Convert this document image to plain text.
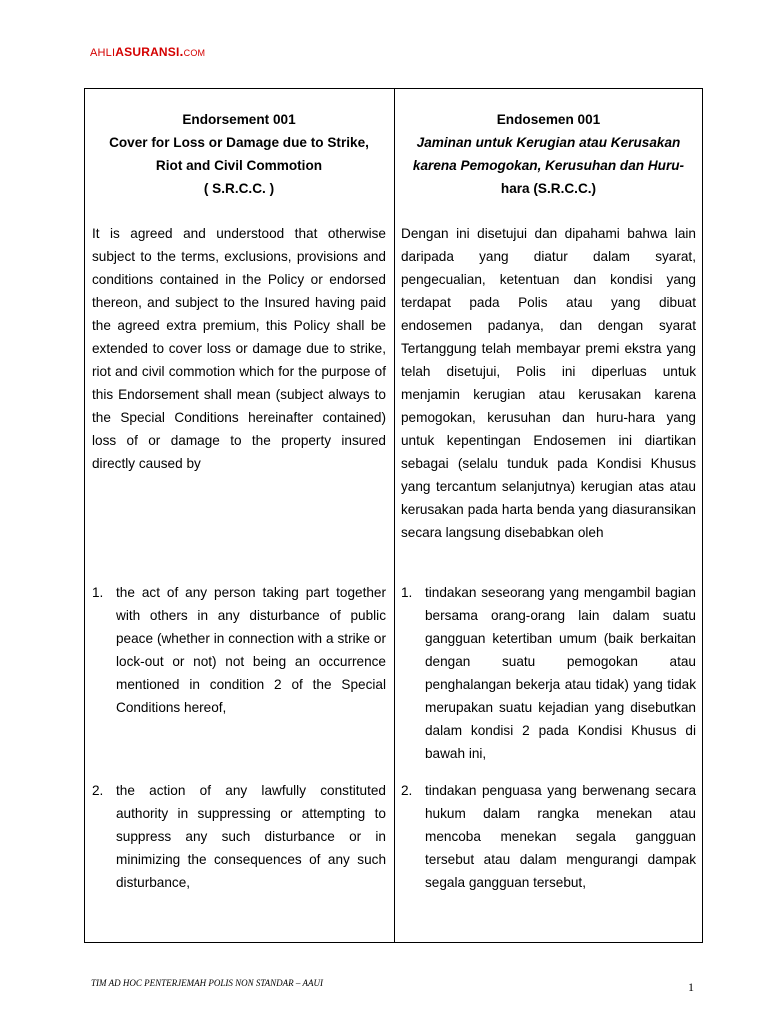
AHLIASURANSI.COM
Endorsement 001
Cover for Loss or Damage due to Strike,
Riot and Civil Commotion
( S.R.C.C. )
It is agreed and understood that otherwise subject to the terms, exclusions, provisions and conditions contained in the Policy or endorsed thereon, and subject to the Insured having paid the agreed extra premium, this Policy shall be extended to cover loss or damage due to strike, riot and civil commotion which for the purpose of this Endorsement shall mean (subject always to the Special Conditions hereinafter contained) loss of or damage to the property insured directly caused by
1. the act of any person taking part together with others in any disturbance of public peace (whether in connection with a strike or lock-out or not) not being an occurrence mentioned in condition 2 of the Special Conditions hereof,
2. the action of any lawfully constituted authority in suppressing or attempting to suppress any such disturbance or in minimizing the consequences of any such disturbance,
Endosemen 001
Jaminan untuk Kerugian atau Kerusakan
karena Pemogokan, Kerusuhan dan Huru-
hara (S.R.C.C.)
Dengan ini disetujui dan dipahami bahwa lain daripada yang diatur dalam syarat, pengecualian, ketentuan dan kondisi yang terdapat pada Polis atau yang dibuat endosemen padanya, dan dengan syarat Tertanggung telah membayar premi ekstra yang telah disetujui, Polis ini diperluas untuk menjamin kerugian atau kerusakan karena pemogokan, kerusuhan dan huru-hara yang untuk kepentingan Endosemen ini diartikan sebagai (selalu tunduk pada Kondisi Khusus yang tercantum selanjutnya) kerugian atas atau kerusakan pada harta benda yang diasuransikan secara langsung disebabkan oleh
1. tindakan seseorang yang mengambil bagian bersama orang-orang lain dalam suatu gangguan ketertiban umum (baik berkaitan dengan suatu pemogokan atau penghalangan bekerja atau tidak) yang tidak merupakan suatu kejadian yang disebutkan dalam kondisi 2 pada Kondisi Khusus di bawah ini,
2. tindakan penguasa yang berwenang secara hukum dalam rangka menekan atau mencoba menekan segala gangguan tersebut atau dalam mengurangi dampak segala gangguan tersebut,
TIM AD HOC PENTERJEMAH POLIS NON STANDAR – AAUI	1
